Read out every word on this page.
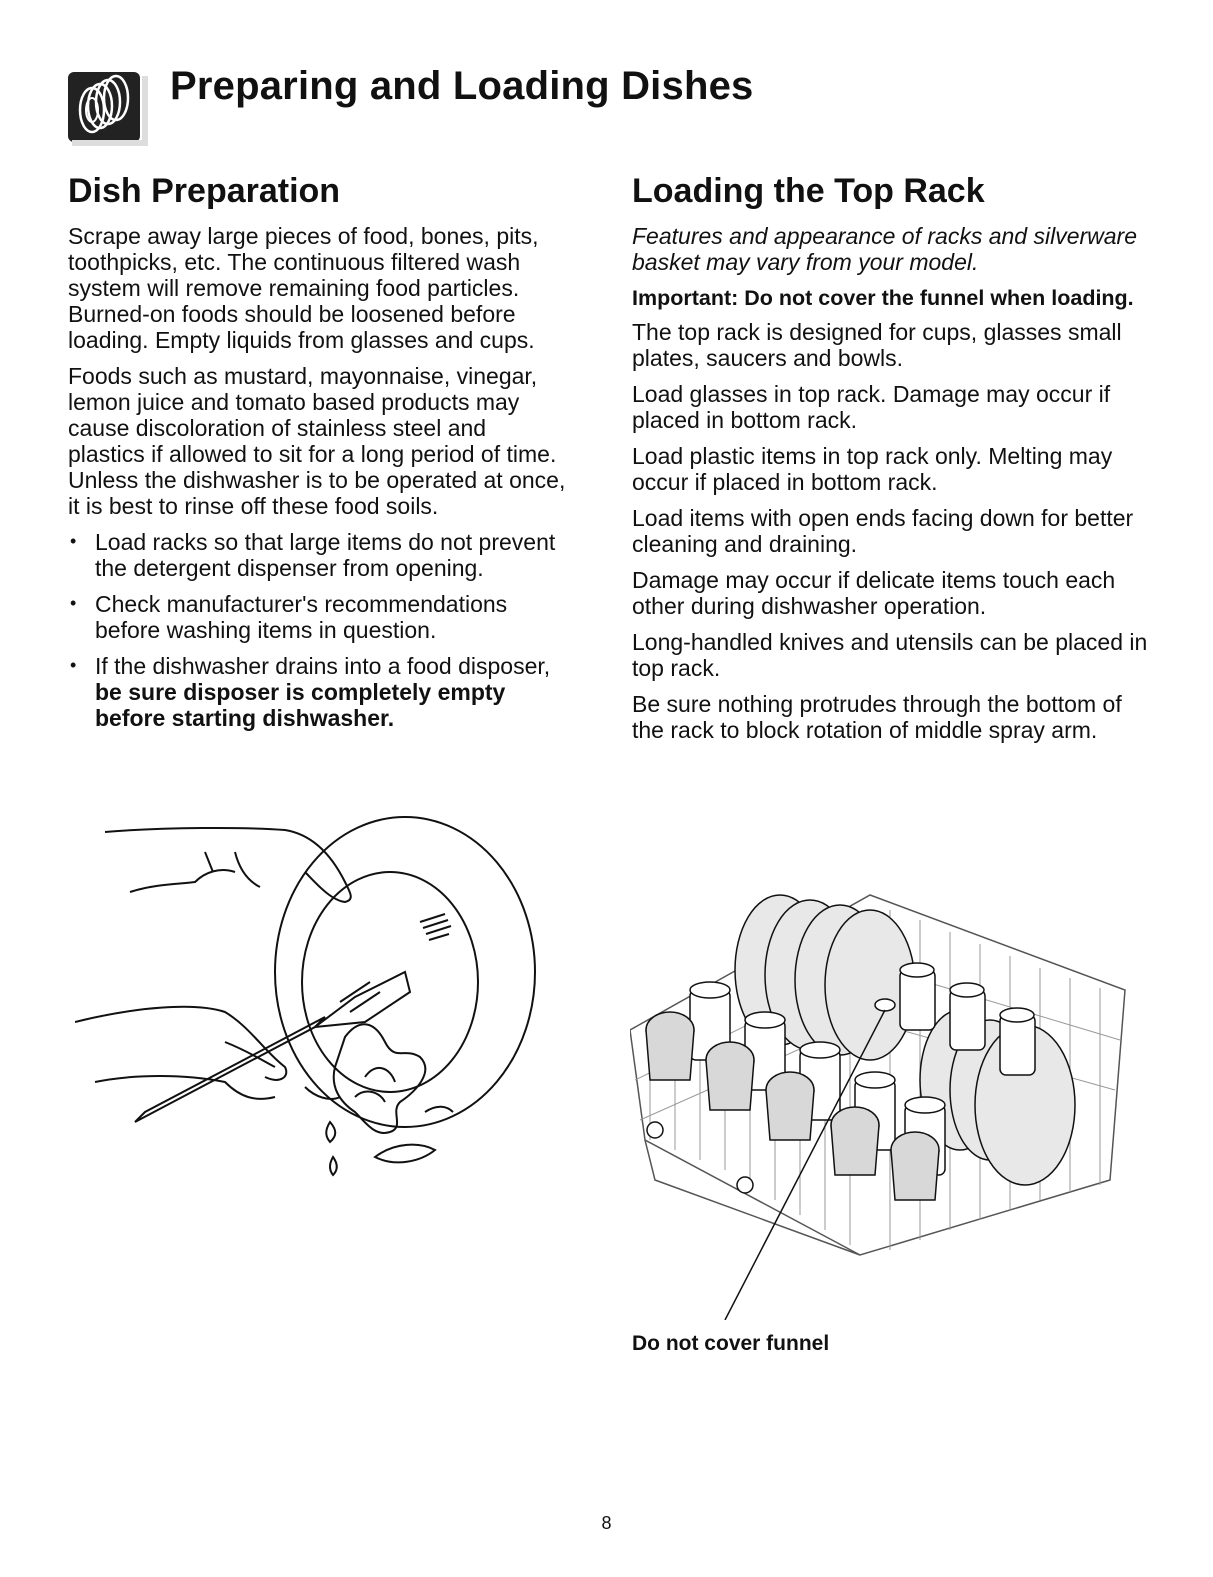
Preparing and Loading Dishes
Dish Preparation

Scrape away large pieces of food, bones, pits, toothpicks, etc. The continuous filtered wash system will remove remaining food particles. Burned-on foods should be loosened before loading. Empty liquids from glasses and cups.

Foods such as mustard, mayonnaise, vinegar, lemon juice and tomato based products may cause discoloration of stainless steel and plastics if allowed to sit for a long period of time. Unless the dishwasher is to be operated at once, it is best to rinse off these food soils.

• Load racks so that large items do not prevent the detergent dispenser from opening.
• Check manufacturer's recommendations before washing items in question.
• If the dishwasher drains into a food disposer, be sure disposer is completely empty before starting dishwasher.
Loading the Top Rack

Features and appearance of racks and silverware basket may vary from your model.

Important: Do not cover the funnel when loading.

The top rack is designed for cups, glasses small plates, saucers and bowls.

Load glasses in top rack. Damage may occur if placed in bottom rack.

Load plastic items in top rack only. Melting may occur if placed in bottom rack.

Load items with open ends facing down for better cleaning and draining.

Damage may occur if delicate items touch each other during dishwasher operation.

Long-handled knives and utensils can be placed in top rack.

Be sure nothing protrudes through the bottom of the rack to block rotation of middle spray arm.

Do not cover funnel

8
